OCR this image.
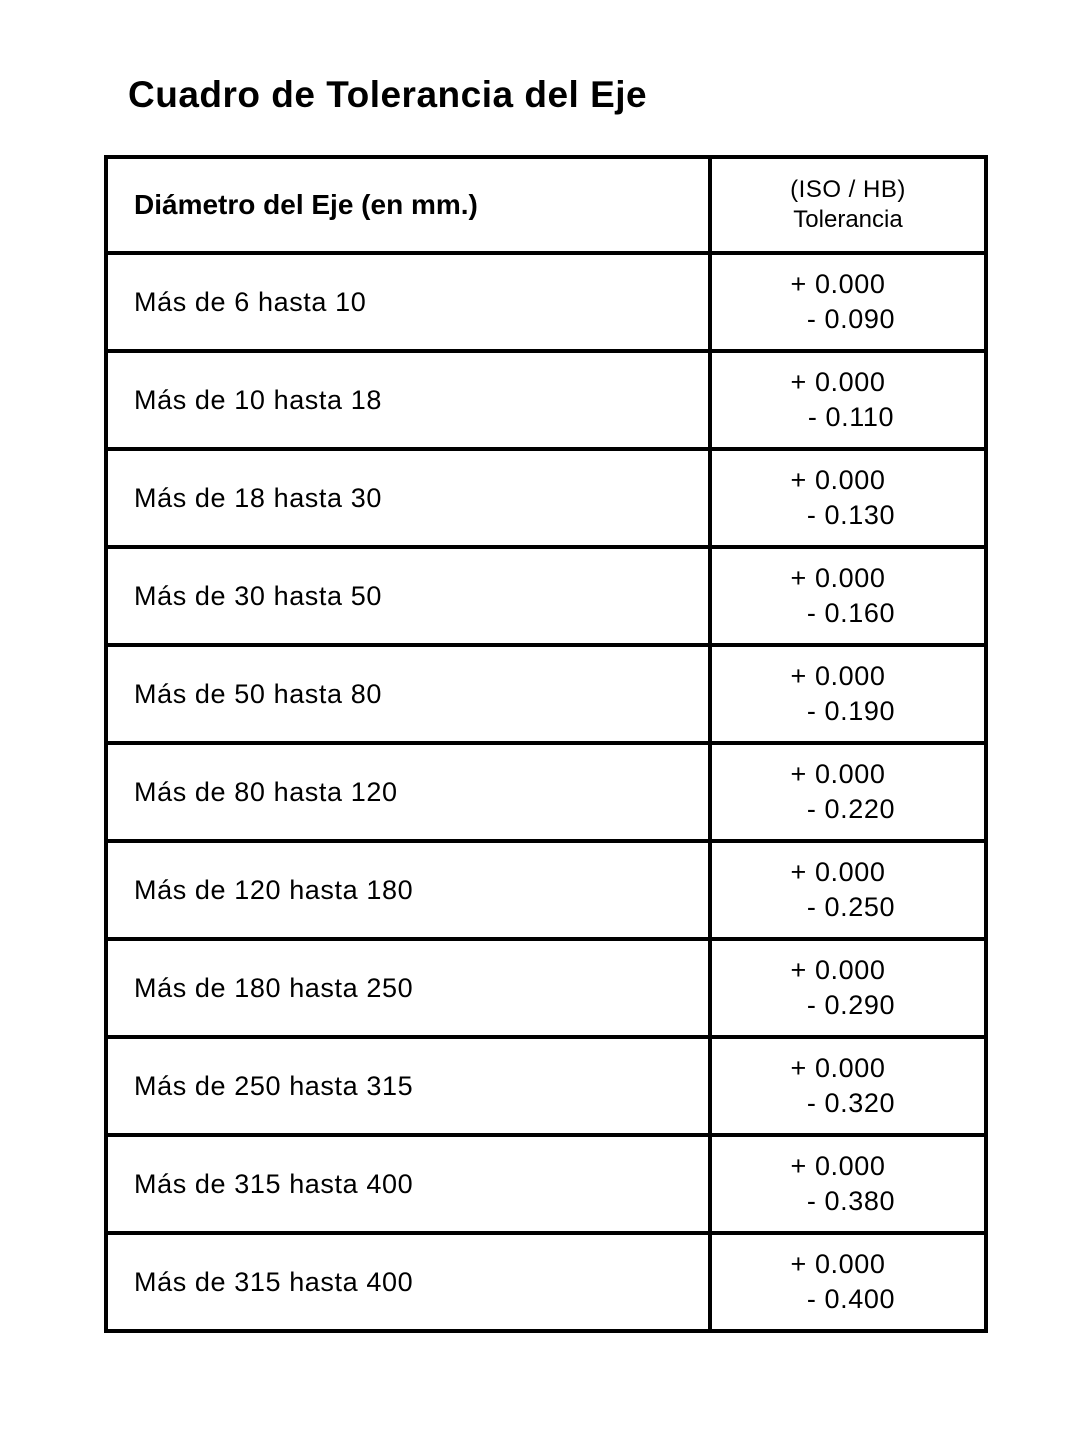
Cuadro de Tolerancia del Eje
Diámetro del Eje (en mm.)	(ISO / HB)
Tolerancia

Más de 6 hasta 10	+ 0.000
- 0.090

Más de 10 hasta 18	+ 0.000
- 0.110

Más de 18 hasta 30	+ 0.000
- 0.130

Más de 30 hasta 50	+ 0.000
- 0.160

Más de 50 hasta 80	+ 0.000
- 0.190

Más de 80 hasta 120	+ 0.000
- 0.220

Más de 120 hasta 180	+ 0.000
- 0.250

Más de 180 hasta 250	+ 0.000
- 0.290

Más de 250 hasta 315	+ 0.000
- 0.320

Más de 315 hasta 400	+ 0.000
- 0.380

Más de 315 hasta 400	+ 0.000
- 0.400
